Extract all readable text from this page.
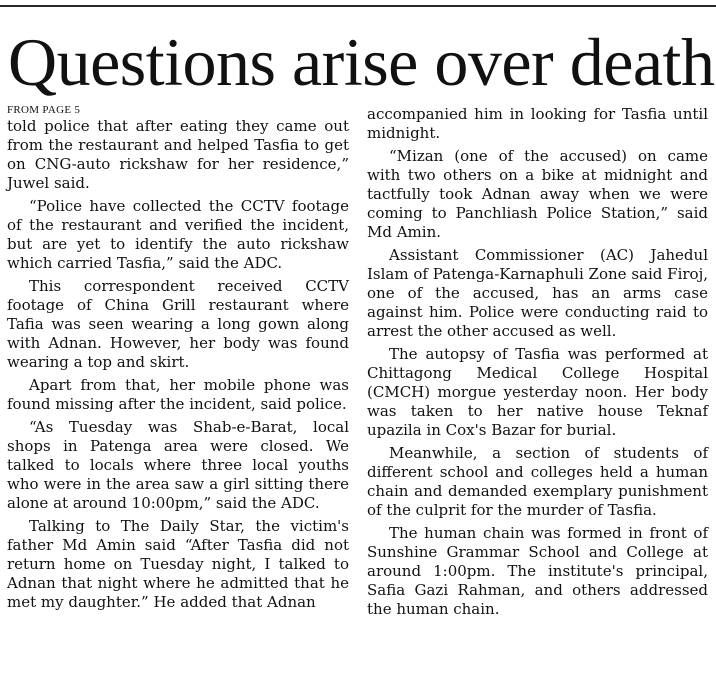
Questions arise over death
FROM PAGE 5

told police that after eating they came out from the restaurant and helped Tasfia to get on CNG-auto rickshaw for her residence,” Juwel said.

“Police have collected the CCTV footage of the restaurant and verified the incident, but are yet to identify the auto rickshaw which carried Tasfia,” said the ADC.

This correspondent received CCTV footage of China Grill restaurant where Tafia was seen wearing a long gown along with Adnan. However, her body was found wearing a top and skirt.

Apart from that, her mobile phone was found missing after the incident, said police.

“As Tuesday was Shab-e-Barat, local shops in Patenga area were closed. We talked to locals where three local youths who were in the area saw a girl sitting there alone at around 10:00pm,” said the ADC.

Talking to The Daily Star, the victim's father Md Amin said “After Tasfia did not return home on Tuesday night, I talked to Adnan that night where he admitted that he met my daughter.” He added that Adnan

accompanied him in looking for Tasfia until midnight.

“Mizan (one of the accused) on came with two others on a bike at midnight and tactfully took Adnan away when we were coming to Panchliash Police Station,” said Md Amin.

Assistant Commissioner (AC) Jahedul Islam of Patenga-Karnaphuli Zone said Firoj, one of the accused, has an arms case against him. Police were conducting raid to arrest the other accused as well.

The autopsy of Tasfia was performed at Chittagong Medical College Hospital (CMCH) morgue yesterday noon. Her body was taken to her native house Teknaf upazila in Cox's Bazar for burial.

Meanwhile, a section of students of different school and colleges held a human chain and demanded exemplary punishment of the culprit for the murder of Tasfia.

The human chain was formed in front of Sunshine Grammar School and College at around 1:00pm. The institute's principal, Safia Gazi Rahman, and others addressed the human chain.
